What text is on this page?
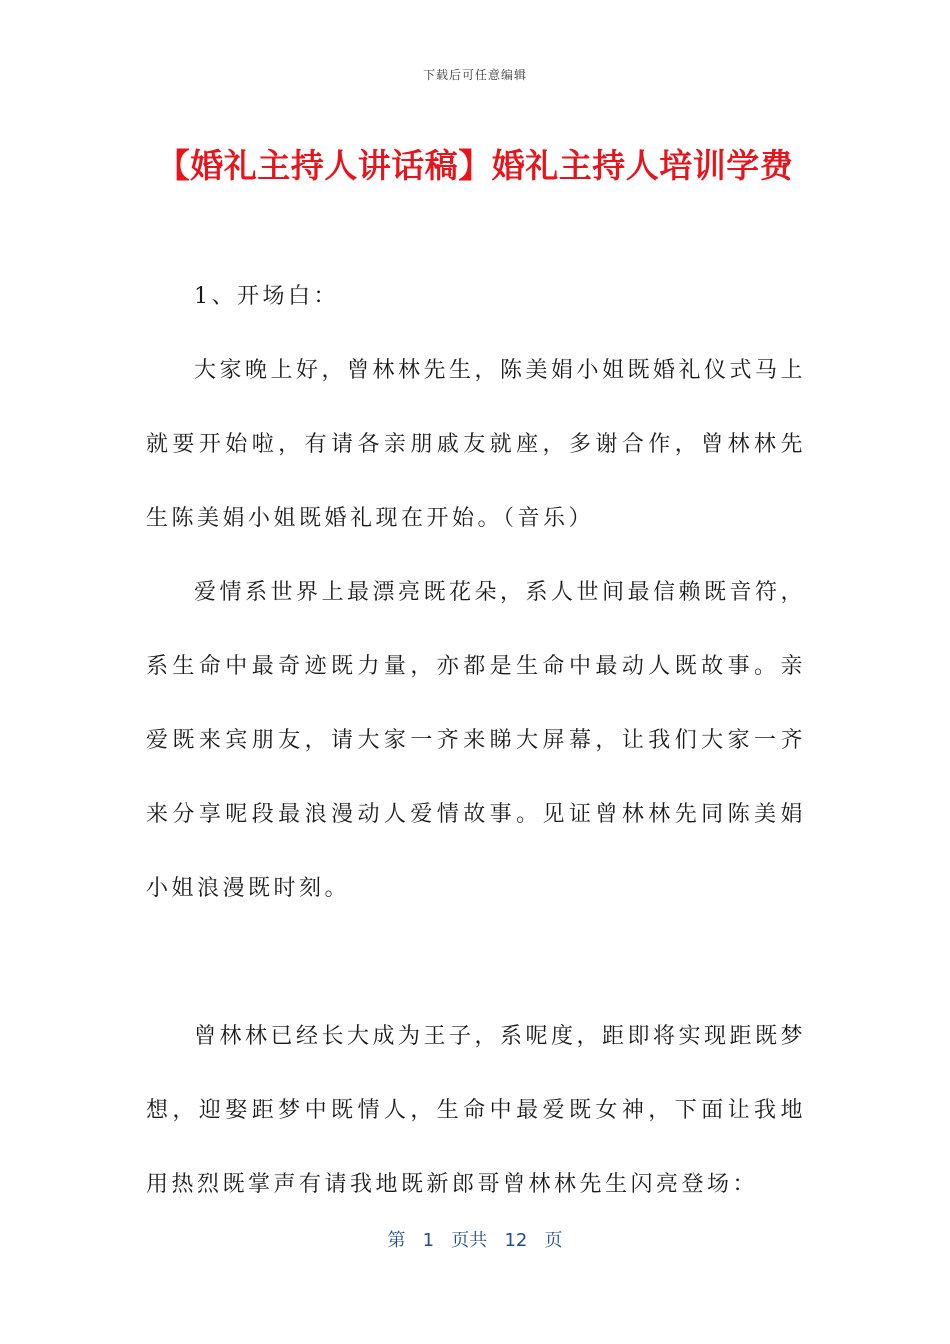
下载后可任意编辑
【婚礼主持人讲话稿】婚礼主持人培训学费

1、开场白：

大家晚上好，曾林林先生，陈美娟小姐既婚礼仪式马上就要开始啦，有请各亲朋戚友就座，多谢合作，曾林林先生陈美娟小姐既婚礼现在开始。（音乐）

爱情系世界上最漂亮既花朵，系人世间最信赖既音符，系生命中最奇迹既力量，亦都是生命中最动人既故事。亲爱既来宾朋友，请大家一齐来睇大屏幕，让我们大家一齐来分享呢段最浪漫动人爱情故事。见证曾林林先同陈美娟小姐浪漫既时刻。

曾林林已经长大成为王子，系呢度，距即将实现距既梦想，迎娶距梦中既情人，生命中最爱既女神，下面让我地用热烈既掌声有请我地既新郎哥曾林林先生闪亮登场：

第 1 页共 12 页
